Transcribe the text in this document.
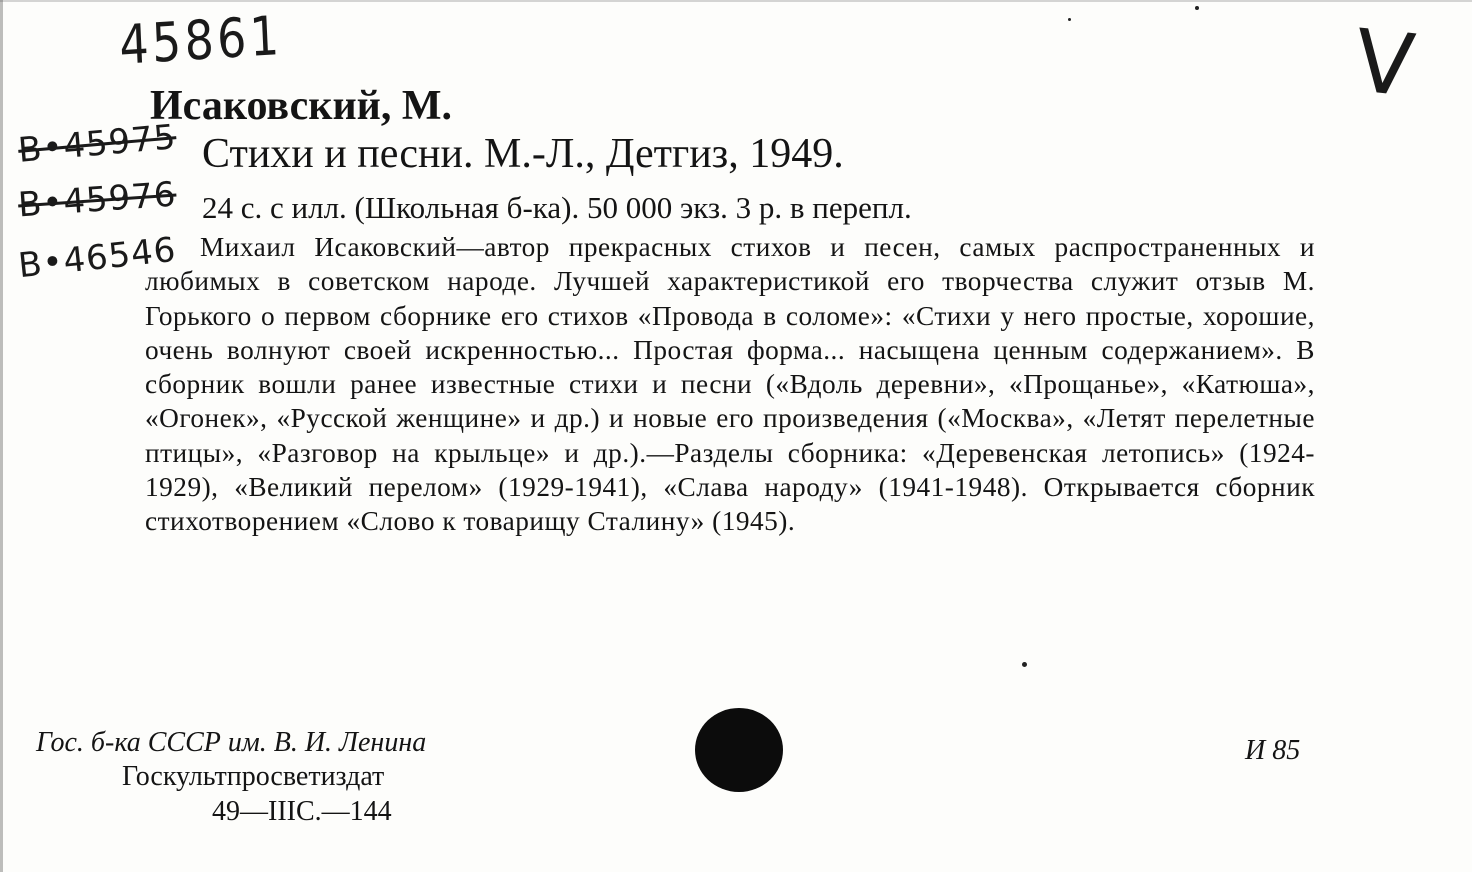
45861	V
B•45975
B•45976
B•46546
Исаковский, М.
Стихи и песни. М.-Л., Детгиз, 1949.
24 с. с илл. (Школьная б-ка). 50 000 экз. 3 р. в перепл.
Михаил Исаковский—автор прекрасных стихов и песен, самых распространенных и любимых в советском народе. Лучшей характеристикой его творчества служит отзыв М. Горького о первом сборнике его стихов «Провода в соломе»: «Стихи у него простые, хорошие, очень волнуют своей искренностью... Простая форма... насыщена ценным содержанием». В сборник вошли ранее известные стихи и песни («Вдоль деревни», «Прощанье», «Катюша», «Огонек», «Русской женщине» и др.) и новые его произведения («Москва», «Летят перелетные птицы», «Разговор на крыльце» и др.).—Разделы сборника: «Деревенская летопись» (1924-1929), «Великий перелом» (1929-1941), «Слава народу» (1941-1948). Открывается сборник стихотворением «Слово к товарищу Сталину» (1945).
Гос. б-ка СССР им. В. И. Ленина
Госкультпросветиздат
49—IIIС.—144
И 85
